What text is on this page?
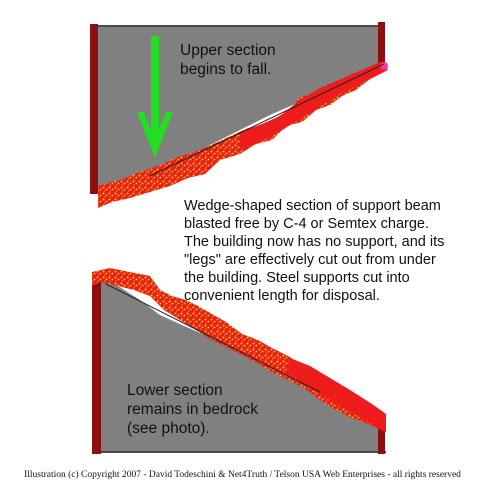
Upper section
begins to fall.

Wedge-shaped section of support beam
blasted free by C-4 or Semtex charge.
The building now has no support, and its
"legs" are effectively cut out from under
the building. Steel supports cut into
convenient length for disposal.

Lower section
remains in bedrock
(see photo).

Illustration (c) Copyright 2007 - David Todeschini & Net4Truth / Telson USA Web Enterprises - all rights reserved
